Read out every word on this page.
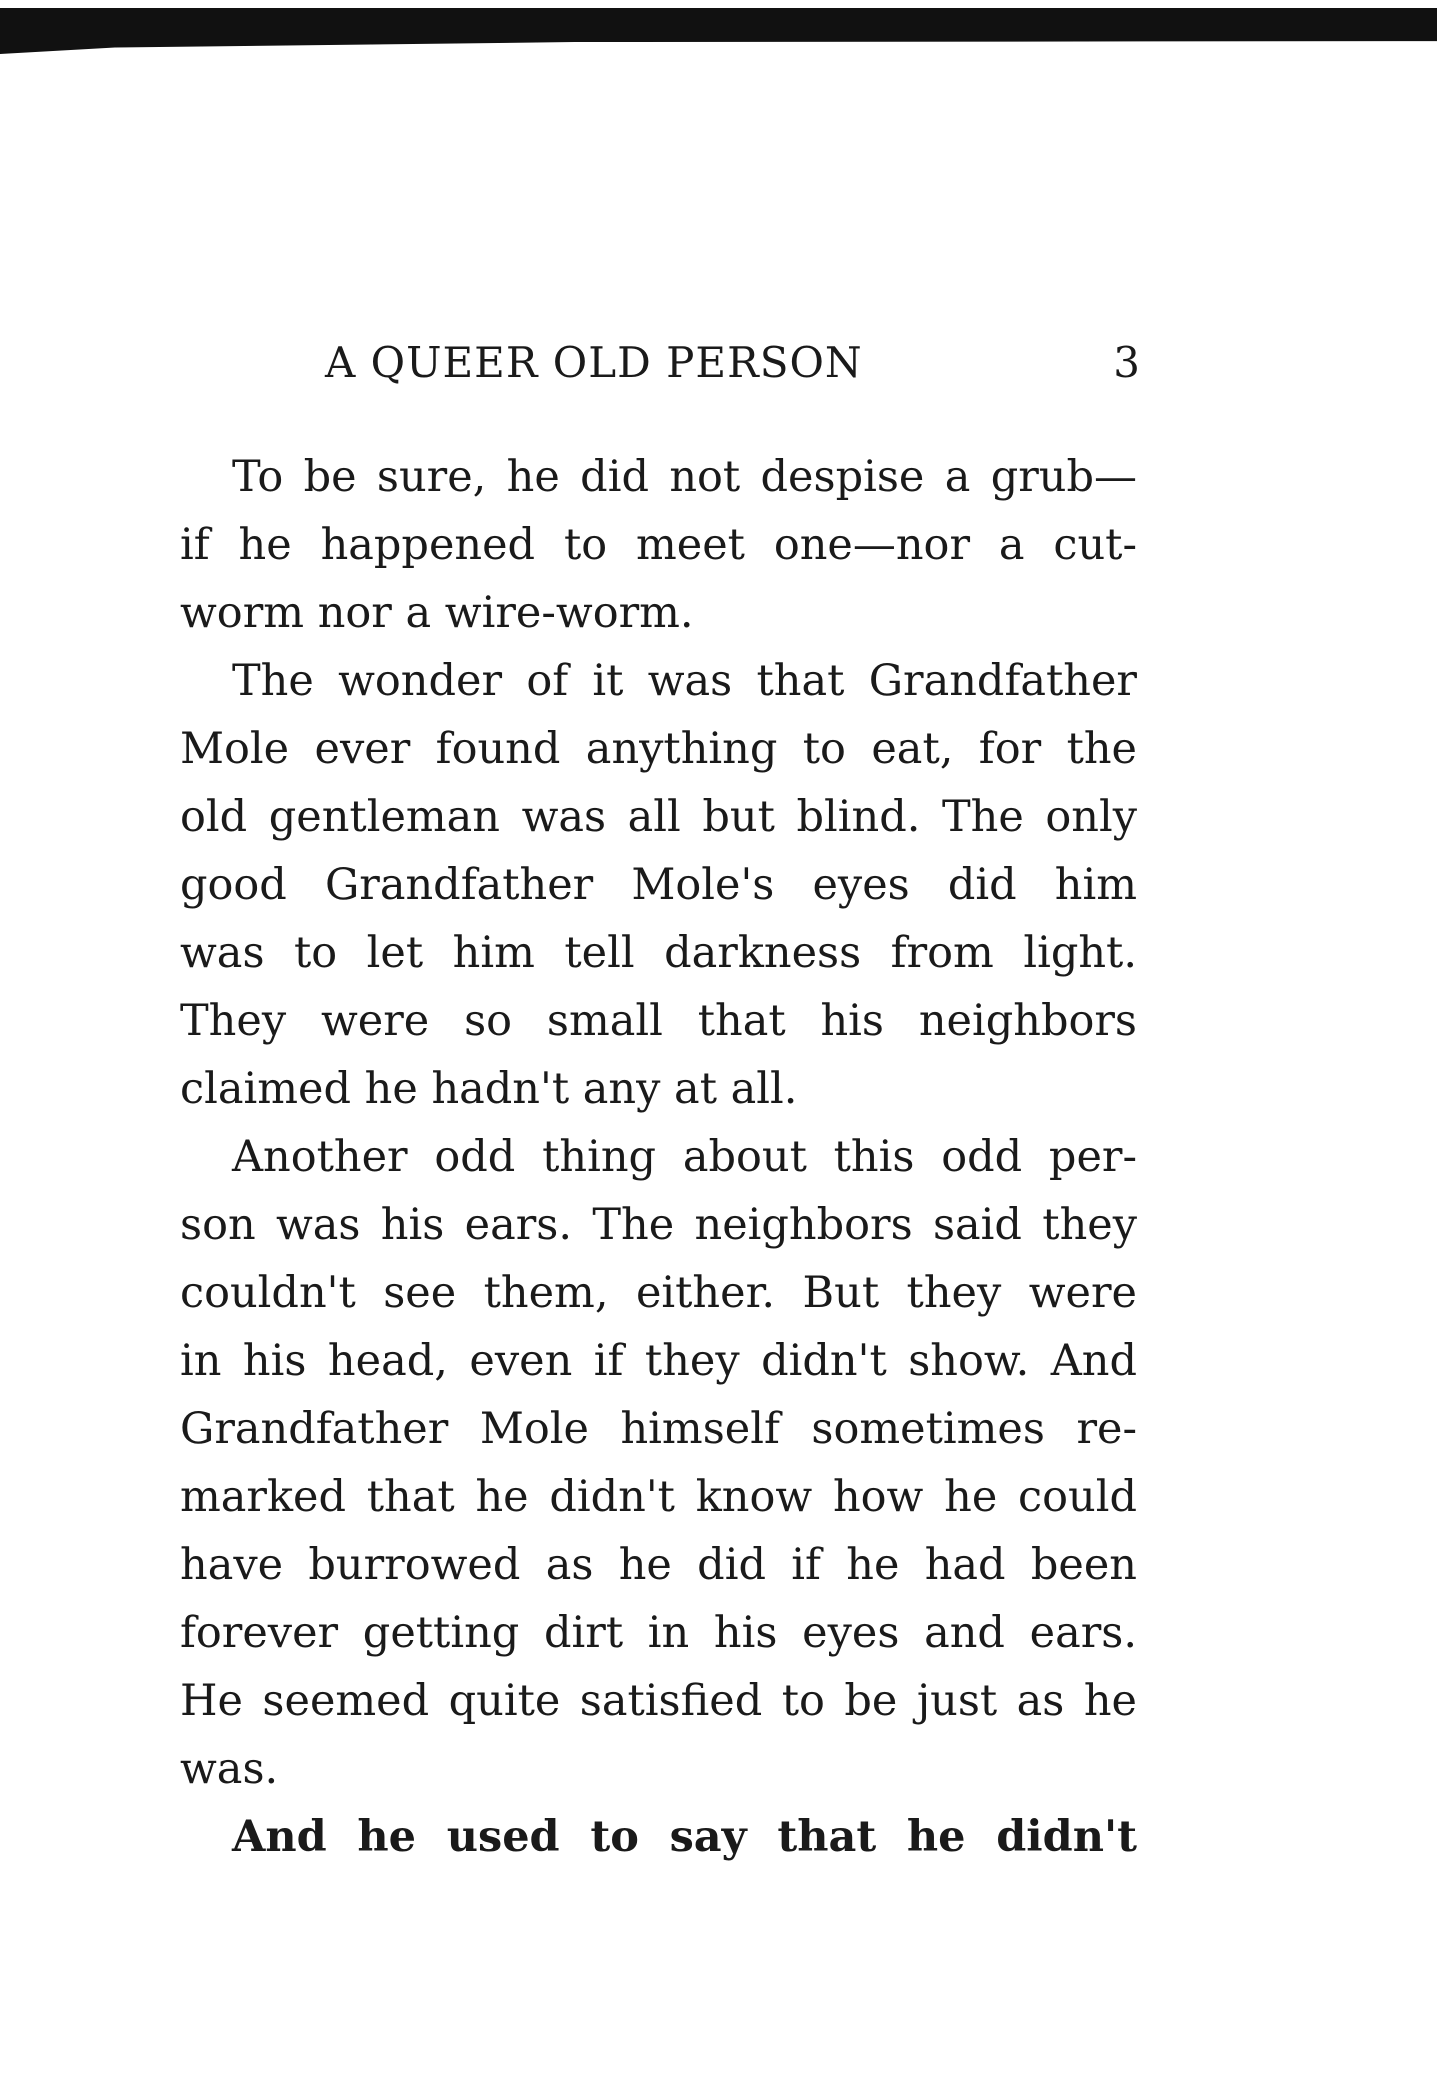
A QUEER OLD PERSON	3
To be sure, he did not despise a grub—
if he happened to meet one—nor a cut-
worm nor a wire-worm.
The wonder of it was that Grandfather
Mole ever found anything to eat, for the
old gentleman was all but blind. The only
good Grandfather Mole's eyes did him
was to let him tell darkness from light.
They were so small that his neighbors
claimed he hadn't any at all.
Another odd thing about this odd per-
son was his ears. The neighbors said they
couldn't see them, either. But they were
in his head, even if they didn't show. And
Grandfather Mole himself sometimes re-
marked that he didn't know how he could
have burrowed as he did if he had been
forever getting dirt in his eyes and ears.
He seemed quite satisfied to be just as he
was.
And he used to say that he didn't
